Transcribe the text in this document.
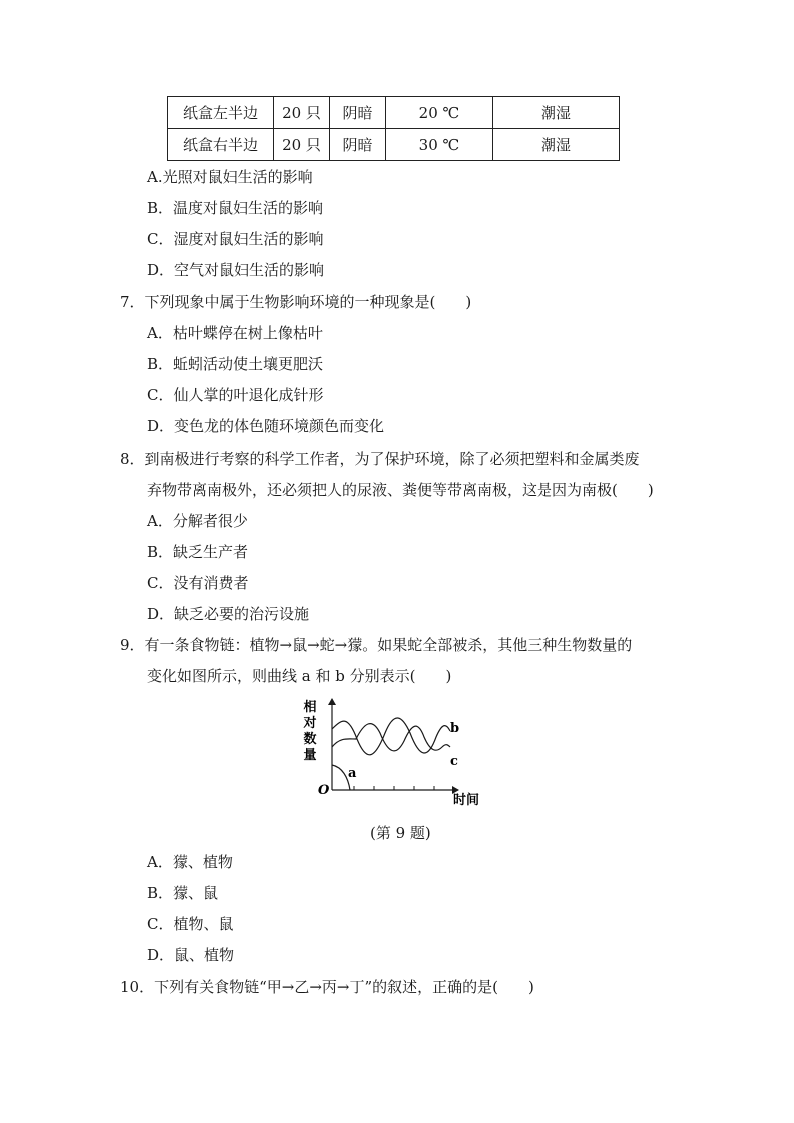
纸盒左半边	20 只	阴暗	20 ℃	潮湿
纸盒右半边	20 只	阴暗	30 ℃	潮湿
A.光照对鼠妇生活的影响
B．温度对鼠妇生活的影响
C．湿度对鼠妇生活的影响
D．空气对鼠妇生活的影响
7．下列现象中属于生物影响环境的一种现象是(　　)
A．枯叶蝶停在树上像枯叶
B．蚯蚓活动使土壤更肥沃
C．仙人掌的叶退化成针形
D．变色龙的体色随环境颜色而变化
8．到南极进行考察的科学工作者，为了保护环境，除了必须把塑料和金属类废
弃物带离南极外，还必须把人的尿液、粪便等带离南极，这是因为南极(　　)
A．分解者很少
B．缺乏生产者
C．没有消费者
D．缺乏必要的治污设施
9．有一条食物链：植物→鼠→蛇→獴。如果蛇全部被杀，其他三种生物数量的
变化如图所示，则曲线 a 和 b 分别表示(　　)
相
对
数
量
O
时间
a
b
c
(第 9 题)
A．獴、植物
B．獴、鼠
C．植物、鼠
D．鼠、植物
10．下列有关食物链“甲→乙→丙→丁”的叙述，正确的是(　　)
